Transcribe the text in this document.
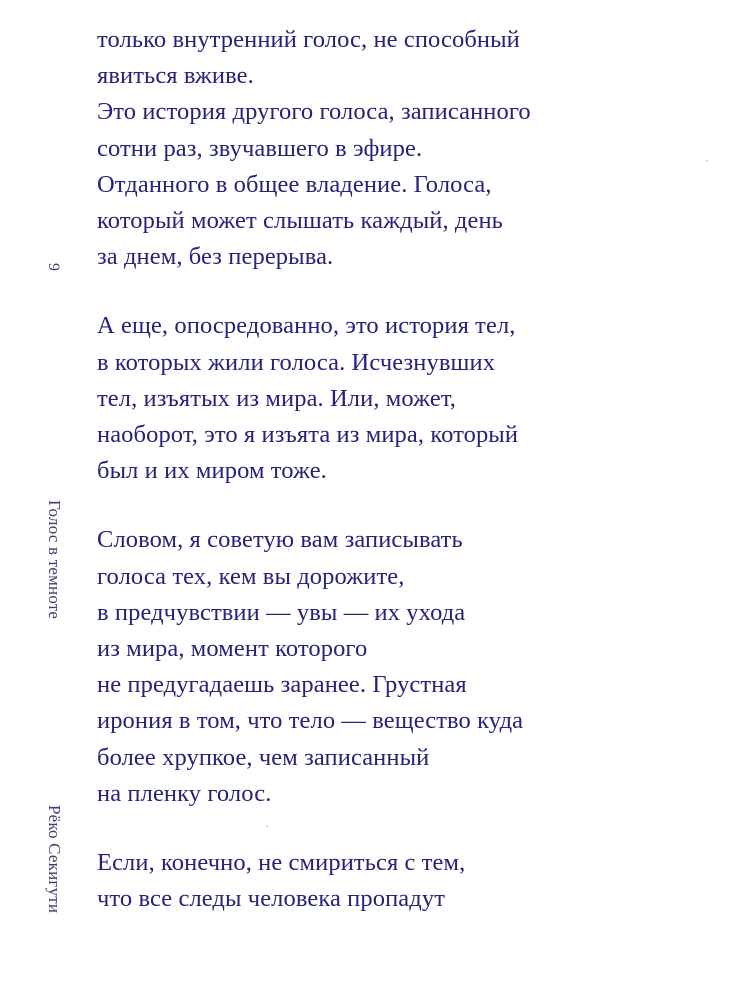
9
Голос в темноте
Рёко Секигути
только внутренний голос, не способный
явиться вживе.
Это история другого голоса, записанного
сотни раз, звучавшего в эфире.
Отданного в общее владение. Голоса,
который может слышать каждый, день
за днем, без перерыва.
А еще, опосредованно, это история тел,
в которых жили голоса. Исчезнувших
тел, изъятых из мира. Или, может,
наоборот, это я изъята из мира, который
был и их миром тоже.
Словом, я советую вам записывать
голоса тех, кем вы дорожите,
в предчувствии — увы — их ухода
из мира, момент которого
не предугадаешь заранее. Грустная
ирония в том, что тело — вещество куда
более хрупкое, чем записанный
на пленку голос.
Если, конечно, не смириться с тем,
что все следы человека пропадут
